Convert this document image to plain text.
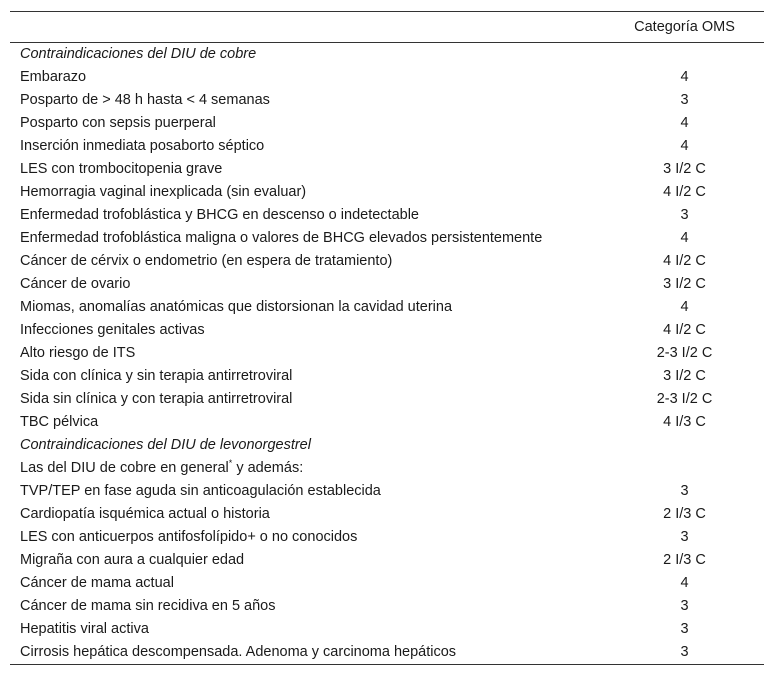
	Categoría OMS
Contraindicaciones del DIU de cobre	
Embarazo	4
Posparto de > 48 h hasta < 4 semanas	3
Posparto con sepsis puerperal	4
Inserción inmediata posaborto séptico	4
LES con trombocitopenia grave	3 I/2 C
Hemorragia vaginal inexplicada (sin evaluar)	4 I/2 C
Enfermedad trofoblástica y BHCG en descenso o indetectable	3
Enfermedad trofoblástica maligna o valores de BHCG elevados persistentemente	4
Cáncer de cérvix o endometrio (en espera de tratamiento)	4 I/2 C
Cáncer de ovario	3 I/2 C
Miomas, anomalías anatómicas que distorsionan la cavidad uterina	4
Infecciones genitales activas	4 I/2 C
Alto riesgo de ITS	2-3 I/2 C
Sida con clínica y sin terapia antirretroviral	3 I/2 C
Sida sin clínica y con terapia antirretroviral	2-3 I/2 C
TBC pélvica	4 I/3 C
Contraindicaciones del DIU de levonorgestrel	
Las del DIU de cobre en general* y además:	
TVP/TEP en fase aguda sin anticoagulación establecida	3
Cardiopatía isquémica actual o historia	2 I/3 C
LES con anticuerpos antifosfolípido+ o no conocidos	3
Migraña con aura a cualquier edad	2 I/3 C
Cáncer de mama actual	4
Cáncer de mama sin recidiva en 5 años	3
Hepatitis viral activa	3
Cirrosis hepática descompensada. Adenoma y carcinoma hepáticos	3
